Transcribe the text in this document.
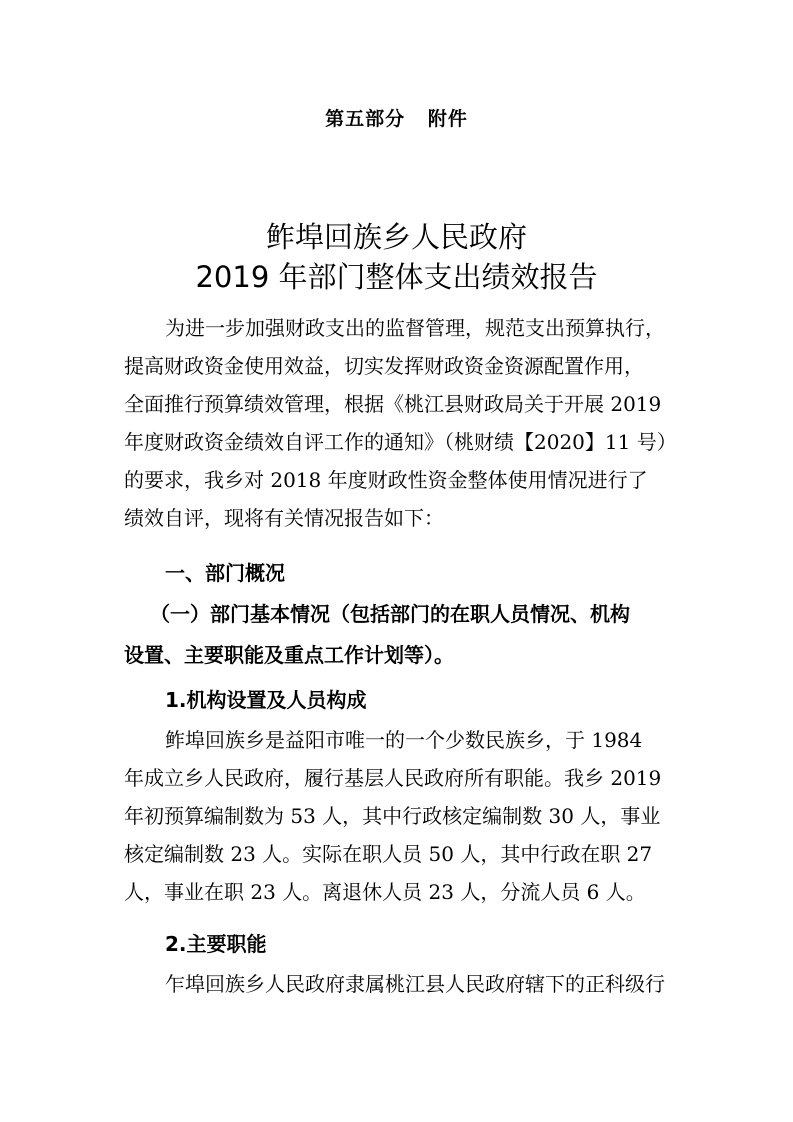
第五部分   附件
鲊埠回族乡人民政府
2019 年部门整体支出绩效报告
为进一步加强财政支出的监督管理，规范支出预算执行，
提高财政资金使用效益，切实发挥财政资金资源配置作用，
全面推行预算绩效管理，根据《桃江县财政局关于开展 2019
年度财政资金绩效自评工作的通知》（桃财绩【2020】11 号）
的要求，我乡对 2018 年度财政性资金整体使用情况进行了
绩效自评，现将有关情况报告如下：
一、部门概况
（一）部门基本情况（包括部门的在职人员情况、机构
设置、主要职能及重点工作计划等）。
1.机构设置及人员构成
鲊埠回族乡是益阳市唯一的一个少数民族乡，于 1984
年成立乡人民政府，履行基层人民政府所有职能。我乡 2019
年初预算编制数为 53 人，其中行政核定编制数 30 人，事业
核定编制数 23 人。实际在职人员 50 人，其中行政在职 27
人，事业在职 23 人。离退休人员 23 人，分流人员 6 人。
2.主要职能
乍埠回族乡人民政府隶属桃江县人民政府辖下的正科级行
